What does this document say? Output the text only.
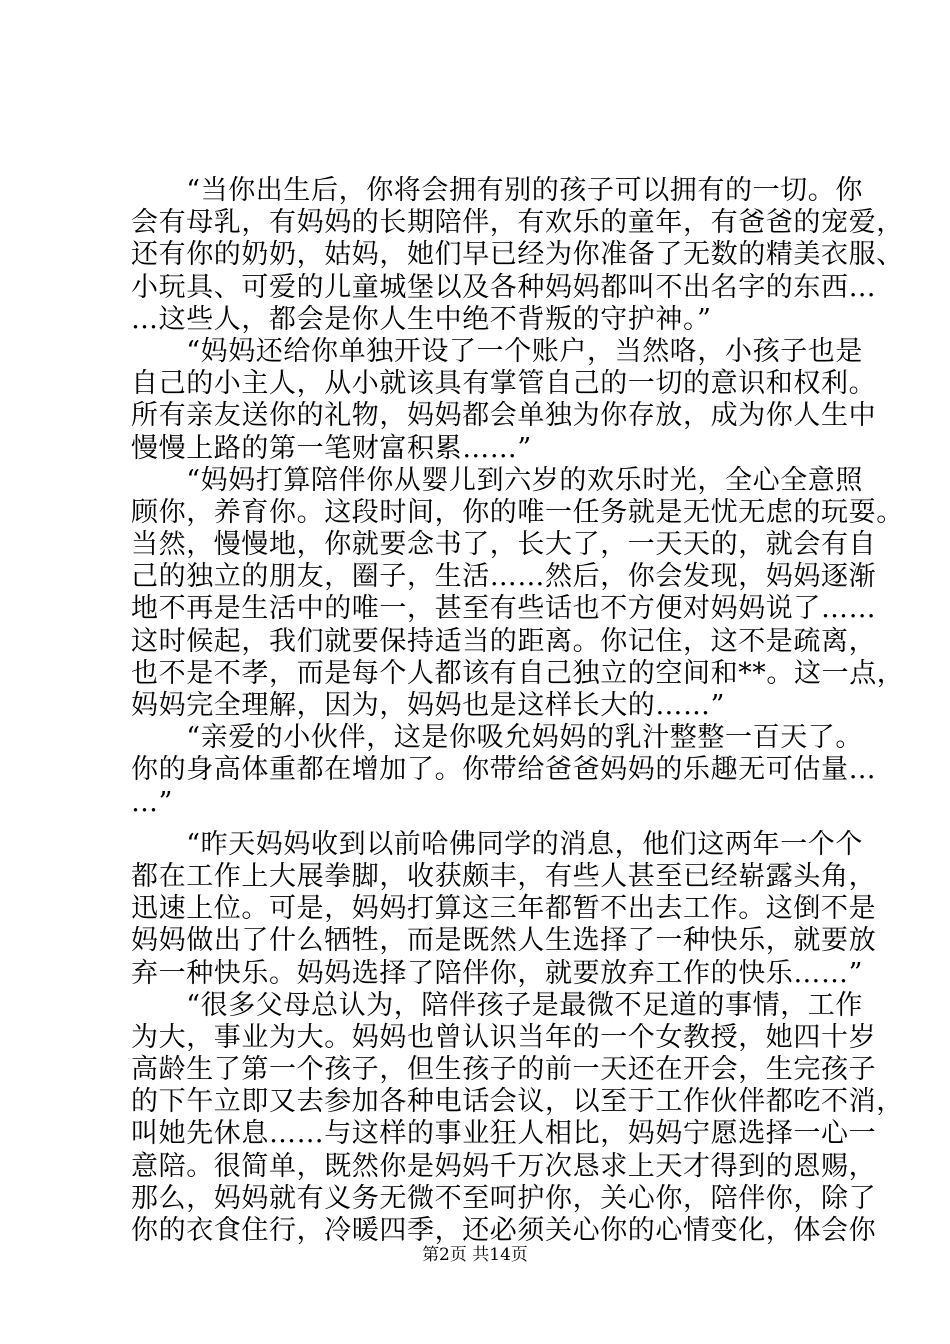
　　“当你出生后，你将会拥有别的孩子可以拥有的一切。你
会有母乳，有妈妈的长期陪伴，有欢乐的童年，有爸爸的宠爱，
还有你的奶奶，姑妈，她们早已经为你准备了无数的精美衣服、
小玩具、可爱的儿童城堡以及各种妈妈都叫不出名字的东西…
…这些人，都会是你人生中绝不背叛的守护神。”
　　“妈妈还给你单独开设了一个账户，当然咯，小孩子也是
自己的小主人，从小就该具有掌管自己的一切的意识和权利。
所有亲友送你的礼物，妈妈都会单独为你存放，成为你人生中
慢慢上路的第一笔财富积累……”
　　“妈妈打算陪伴你从婴儿到六岁的欢乐时光，全心全意照
顾你，养育你。这段时间，你的唯一任务就是无忧无虑的玩耍。
当然，慢慢地，你就要念书了，长大了，一天天的，就会有自
己的独立的朋友，圈子，生活……然后，你会发现，妈妈逐渐
地不再是生活中的唯一，甚至有些话也不方便对妈妈说了……
这时候起，我们就要保持适当的距离。你记住，这不是疏离，
也不是不孝，而是每个人都该有自己独立的空间和**。这一点，
妈妈完全理解，因为，妈妈也是这样长大的……”
　　“亲爱的小伙伴，这是你吸允妈妈的乳汁整整一百天了。
你的身高体重都在增加了。你带给爸爸妈妈的乐趣无可估量…
…”
　　“昨天妈妈收到以前哈佛同学的消息，他们这两年一个个
都在工作上大展拳脚，收获颇丰，有些人甚至已经崭露头角，
迅速上位。可是，妈妈打算这三年都暂不出去工作。这倒不是
妈妈做出了什么牺牲，而是既然人生选择了一种快乐，就要放
弃一种快乐。妈妈选择了陪伴你，就要放弃工作的快乐……”
　　“很多父母总认为，陪伴孩子是最微不足道的事情，工作
为大，事业为大。妈妈也曾认识当年的一个女教授，她四十岁
高龄生了第一个孩子，但生孩子的前一天还在开会，生完孩子
的下午立即又去参加各种电话会议，以至于工作伙伴都吃不消，
叫她先休息……与这样的事业狂人相比，妈妈宁愿选择一心一
意陪。很简单，既然你是妈妈千万次恳求上天才得到的恩赐，
那么，妈妈就有义务无微不至呵护你，关心你，陪伴你，除了
你的衣食住行，冷暖四季，还必须关心你的心情变化，体会你
第2页 共14页
